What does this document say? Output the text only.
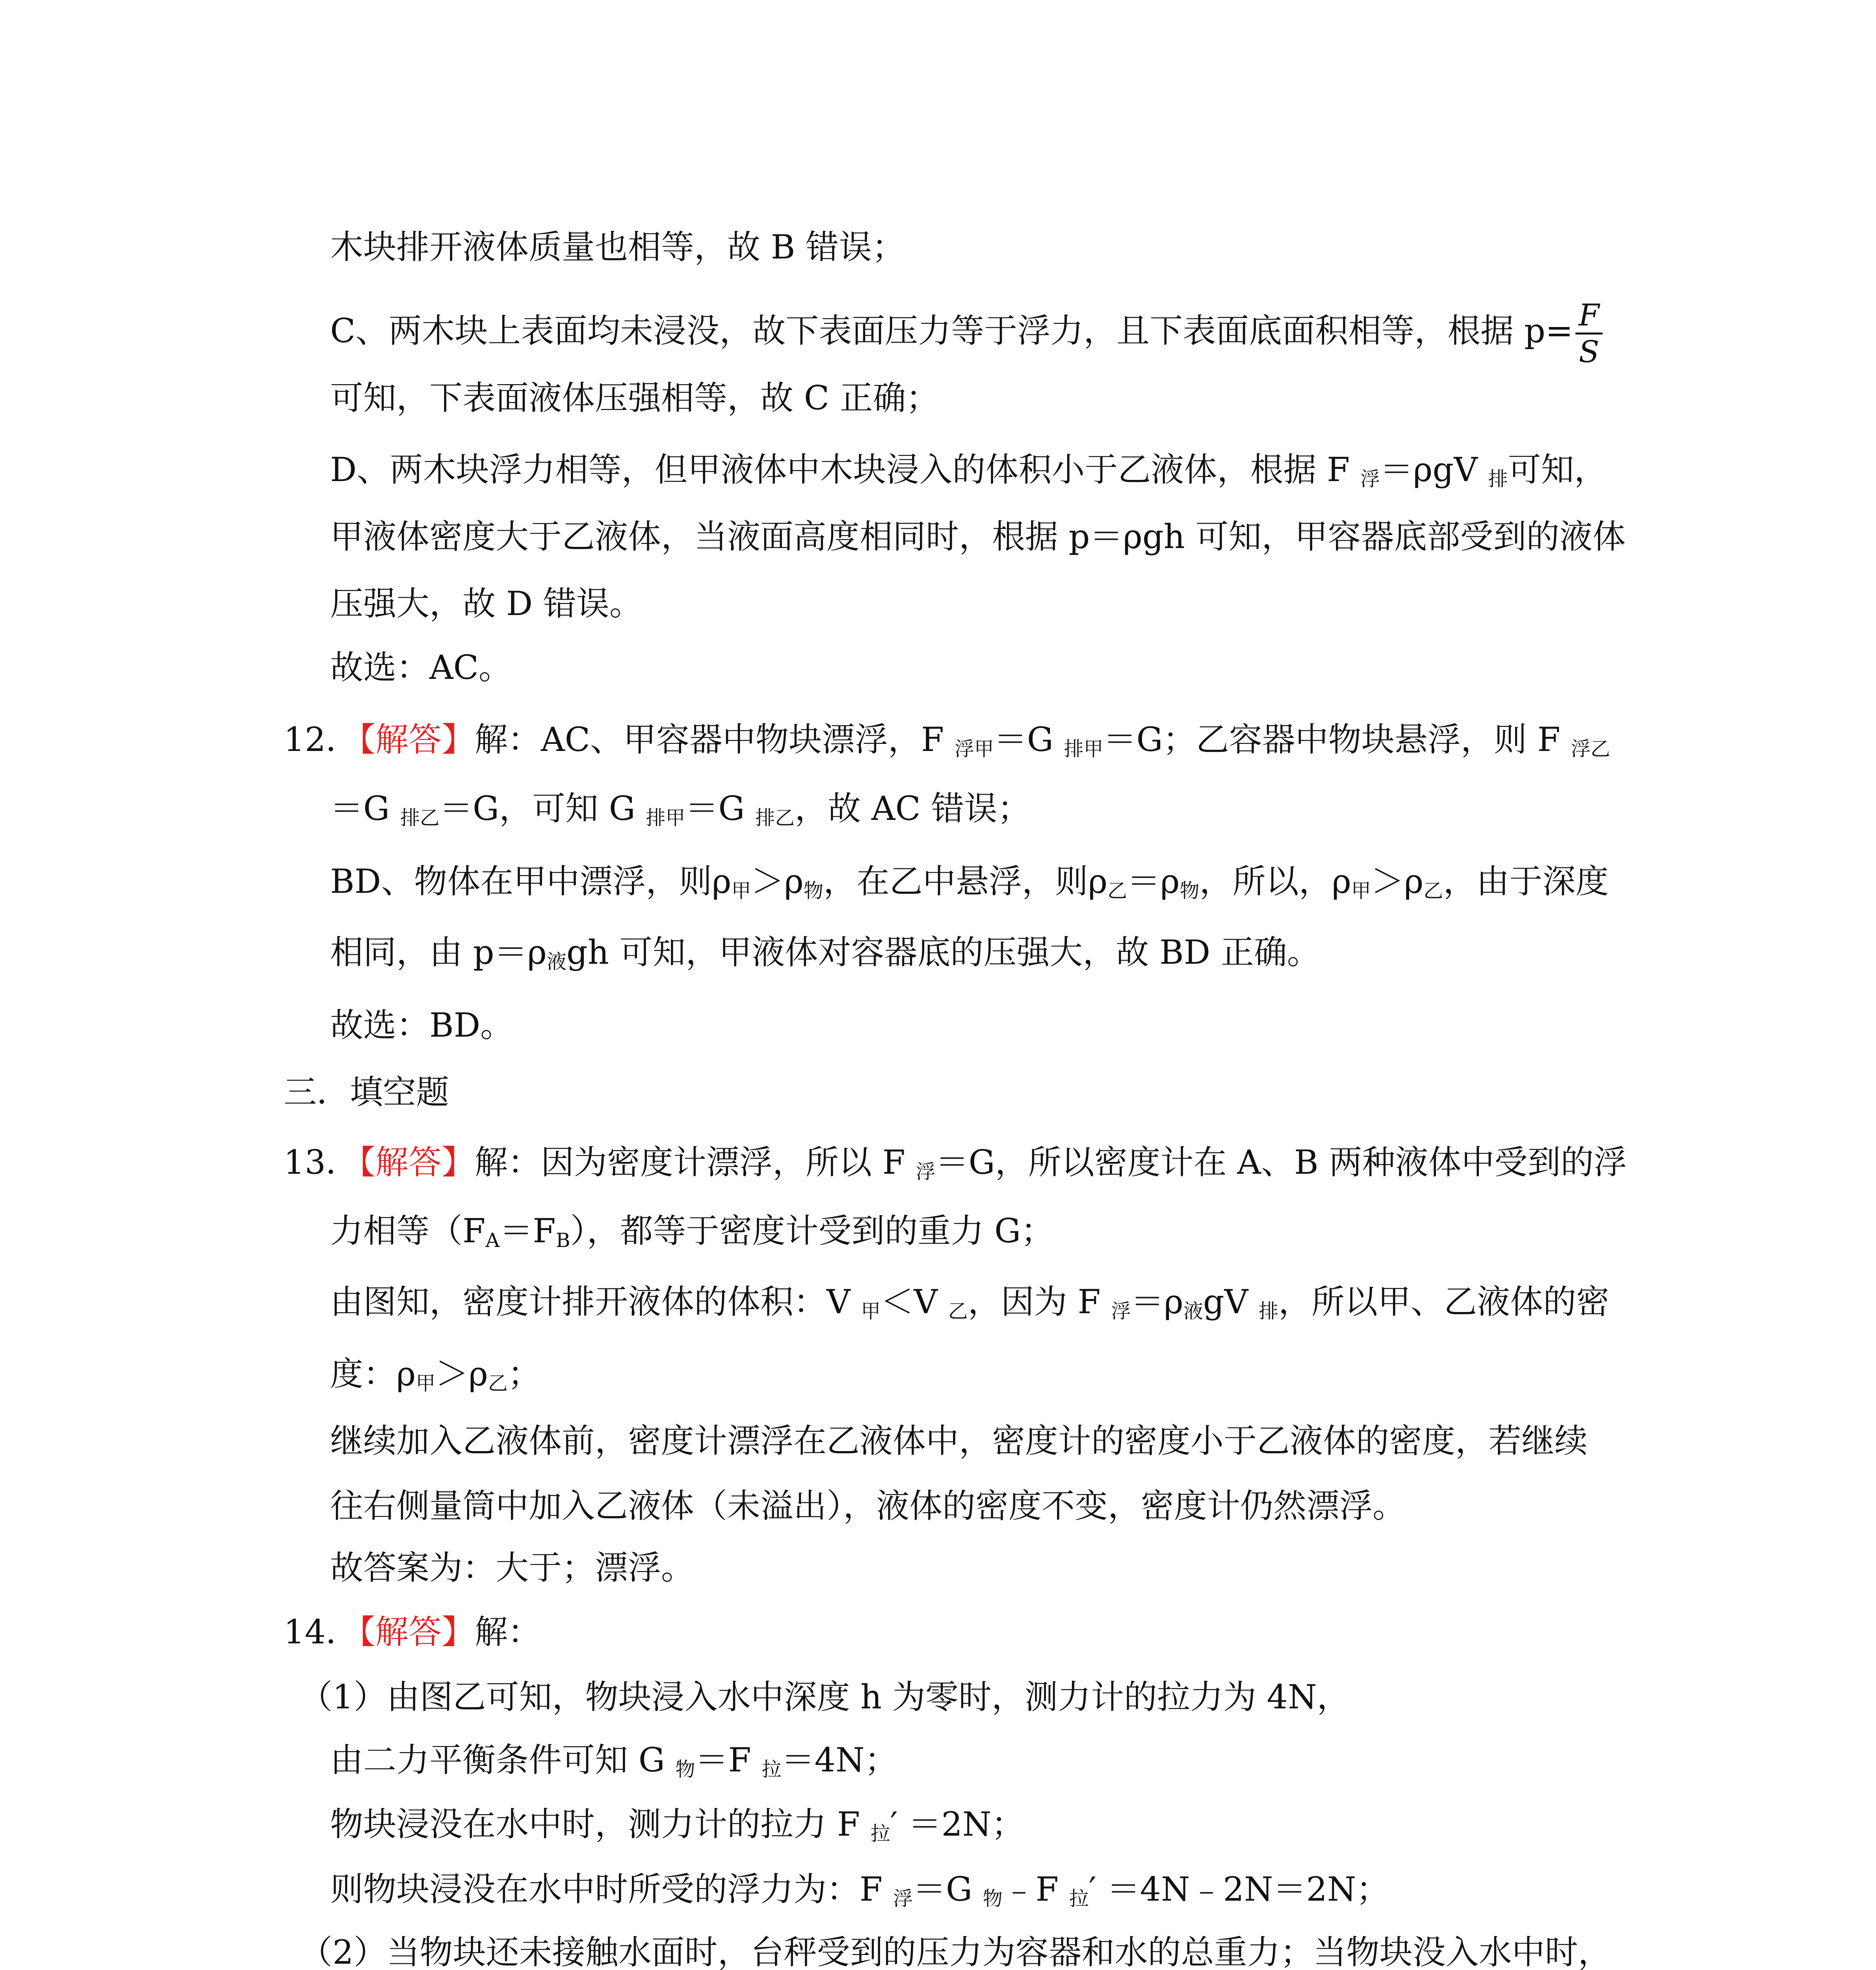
木块排开液体质量也相等，故 B 错误；
C、两木块上表面均未浸没，故下表面压力等于浮力，且下表面底面积相等，根据 $p= \frac{F}{S}$
可知，下表面液体压强相等，故 C 正确；
D、两木块浮力相等，但甲液体中木块浸入的体积小于乙液体，根据 F $_浮$＝ρgV $_排$可知，
甲液体密度大于乙液体，当液面高度相同时，根据 p＝ρgh 可知，甲容器底部受到的液体
压强大，故 D 错误。
故选：AC。
12．【解答】解：AC、甲容器中物块漂浮，F $_{浮甲}$＝G $_{排甲}$＝G；乙容器中物块悬浮，则 F $_{浮乙}$
＝G $_{排乙}$＝G，可知 G $_{排甲}$＝G $_{排乙}$，故 AC 错误；
BD、物体在甲中漂浮，则$\rho_甲>\rho_物$，在乙中悬浮，则$\rho_乙=\rho_物$，所以，$\rho_甲>\rho_乙$，由于深度
相同，由 $p=\rho_液gh$ 可知，甲液体对容器底的压强大，故 BD 正确。
故选：BD。
三．填空题
13．【解答】解：因为密度计漂浮，所以 F $_浮$＝G，所以密度计在 A、B 两种液体中受到的浮
力相等$(F_A=F_B)$，都等于密度计受到的重力 G；
由图知，密度计排开液体的体积：V $_甲$＜V $_乙$，因为 F $_浮=\rho_液gV$ $_排$，所以甲、乙液体的密
度：$\rho_甲>\rho_乙$；
继续加入乙液体前，密度计漂浮在乙液体中，密度计的密度小于乙液体的密度，若继续
往右侧量筒中加入乙液体（未溢出），液体的密度不变，密度计仍然漂浮。
故答案为：大于；漂浮。
14．【解答】解：
（1）由图乙可知，物块浸入水中深度 h 为零时，测力计的拉力为 4N，
由二力平衡条件可知 G $_物$＝F $_拉$＝4N；
物块浸没在水中时，测力计的拉力 F $_拉$′ ＝2N；
则物块浸没在水中时所受的浮力为：F $_浮$＝G $_物$﹣F $_拉$′ ＝4N﹣2N＝2N；
（2）当物块还未接触水面时，台秤受到的压力为容器和水的总重力；当物块没入水中时，
